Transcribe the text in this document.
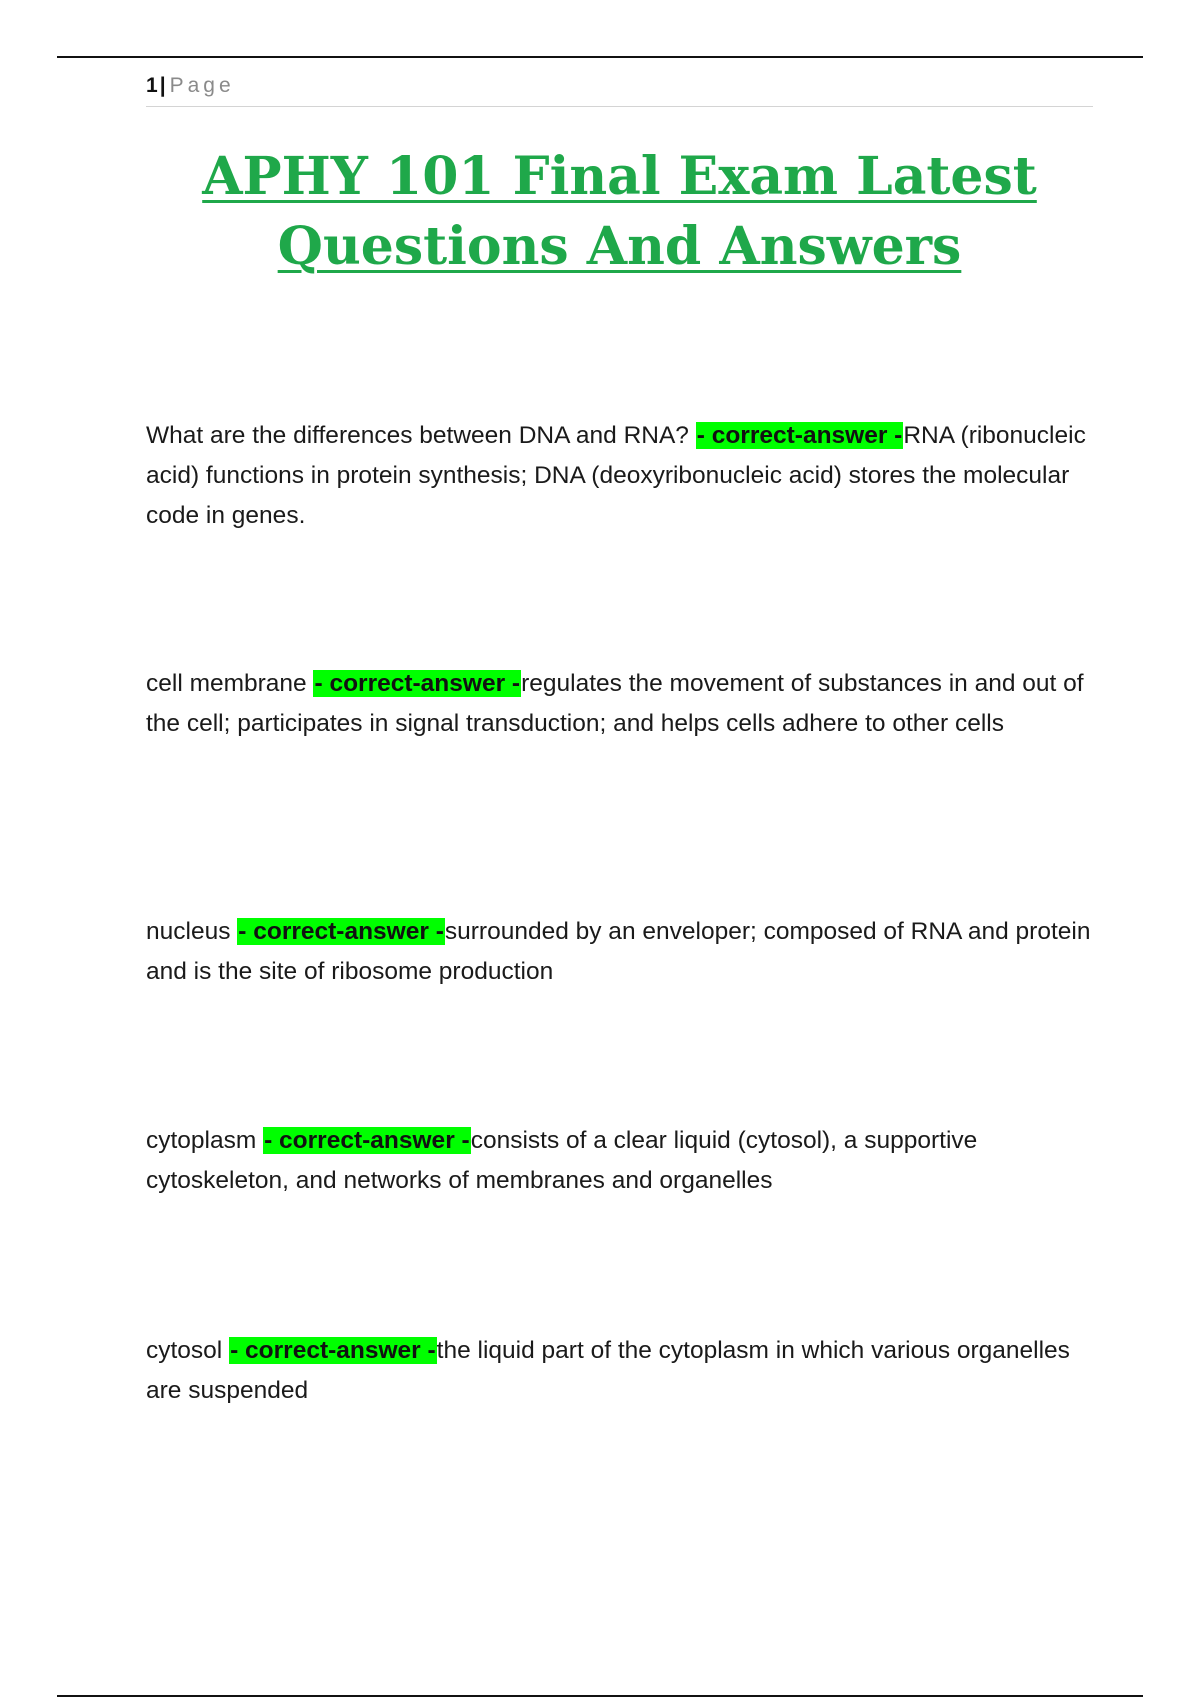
1| Page
APHY 101 Final Exam Latest
Questions And Answers
What are the differences between DNA and RNA? - correct-answer -RNA (ribonucleic acid) functions in protein synthesis; DNA (deoxyribonucleic acid) stores the molecular code in genes.
cell membrane - correct-answer -regulates the movement of substances in and out of the cell; participates in signal transduction; and helps cells adhere to other cells
nucleus - correct-answer -surrounded by an enveloper; composed of RNA and protein and is the site of ribosome production
cytoplasm - correct-answer -consists of a clear liquid (cytosol), a supportive cytoskeleton, and networks of membranes and organelles
cytosol - correct-answer -the liquid part of the cytoplasm in which various organelles are suspended
